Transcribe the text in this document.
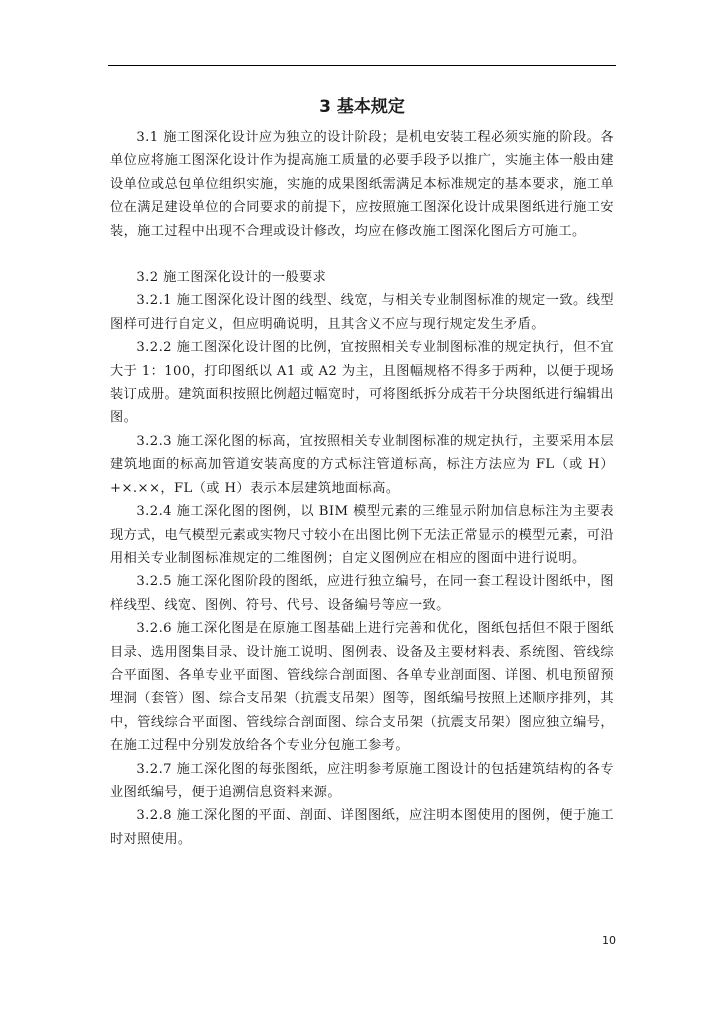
3 基本规定

3.1 施工图深化设计应为独立的设计阶段；是机电安装工程必须实施的阶段。各单位应将施工图深化设计作为提高施工质量的必要手段予以推广，实施主体一般由建设单位或总包单位组织实施，实施的成果图纸需满足本标准规定的基本要求，施工单位在满足建设单位的合同要求的前提下，应按照施工图深化设计成果图纸进行施工安装，施工过程中出现不合理或设计修改，均应在修改施工图深化图后方可施工。

3.2 施工图深化设计的一般要求

3.2.1 施工图深化设计图的线型、线宽，与相关专业制图标准的规定一致。线型图样可进行自定义，但应明确说明，且其含义不应与现行规定发生矛盾。

3.2.2 施工图深化设计图的比例，宜按照相关专业制图标准的规定执行，但不宜大于 1：100，打印图纸以 A1 或 A2 为主，且图幅规格不得多于两种，以便于现场装订成册。建筑面积按照比例超过幅宽时，可将图纸拆分成若干分块图纸进行编辑出图。

3.2.3 施工深化图的标高，宜按照相关专业制图标准的规定执行，主要采用本层建筑地面的标高加管道安装高度的方式标注管道标高，标注方法应为 FL（或 H）+×.××，FL（或 H）表示本层建筑地面标高。

3.2.4 施工深化图的图例，以 BIM 模型元素的三维显示附加信息标注为主要表现方式，电气模型元素或实物尺寸较小在出图比例下无法正常显示的模型元素，可沿用相关专业制图标准规定的二维图例；自定义图例应在相应的图面中进行说明。

3.2.5 施工深化图阶段的图纸，应进行独立编号，在同一套工程设计图纸中，图样线型、线宽、图例、符号、代号、设备编号等应一致。

3.2.6 施工深化图是在原施工图基础上进行完善和优化，图纸包括但不限于图纸目录、选用图集目录、设计施工说明、图例表、设备及主要材料表、系统图、管线综合平面图、各单专业平面图、管线综合剖面图、各单专业剖面图、详图、机电预留预埋洞（套管）图、综合支吊架（抗震支吊架）图等，图纸编号按照上述顺序排列，其中，管线综合平面图、管线综合剖面图、综合支吊架（抗震支吊架）图应独立编号，在施工过程中分别发放给各个专业分包施工参考。

3.2.7 施工深化图的每张图纸，应注明参考原施工图设计的包括建筑结构的各专业图纸编号，便于追溯信息资料来源。

3.2.8 施工深化图的平面、剖面、详图图纸，应注明本图使用的图例，便于施工时对照使用。

10
